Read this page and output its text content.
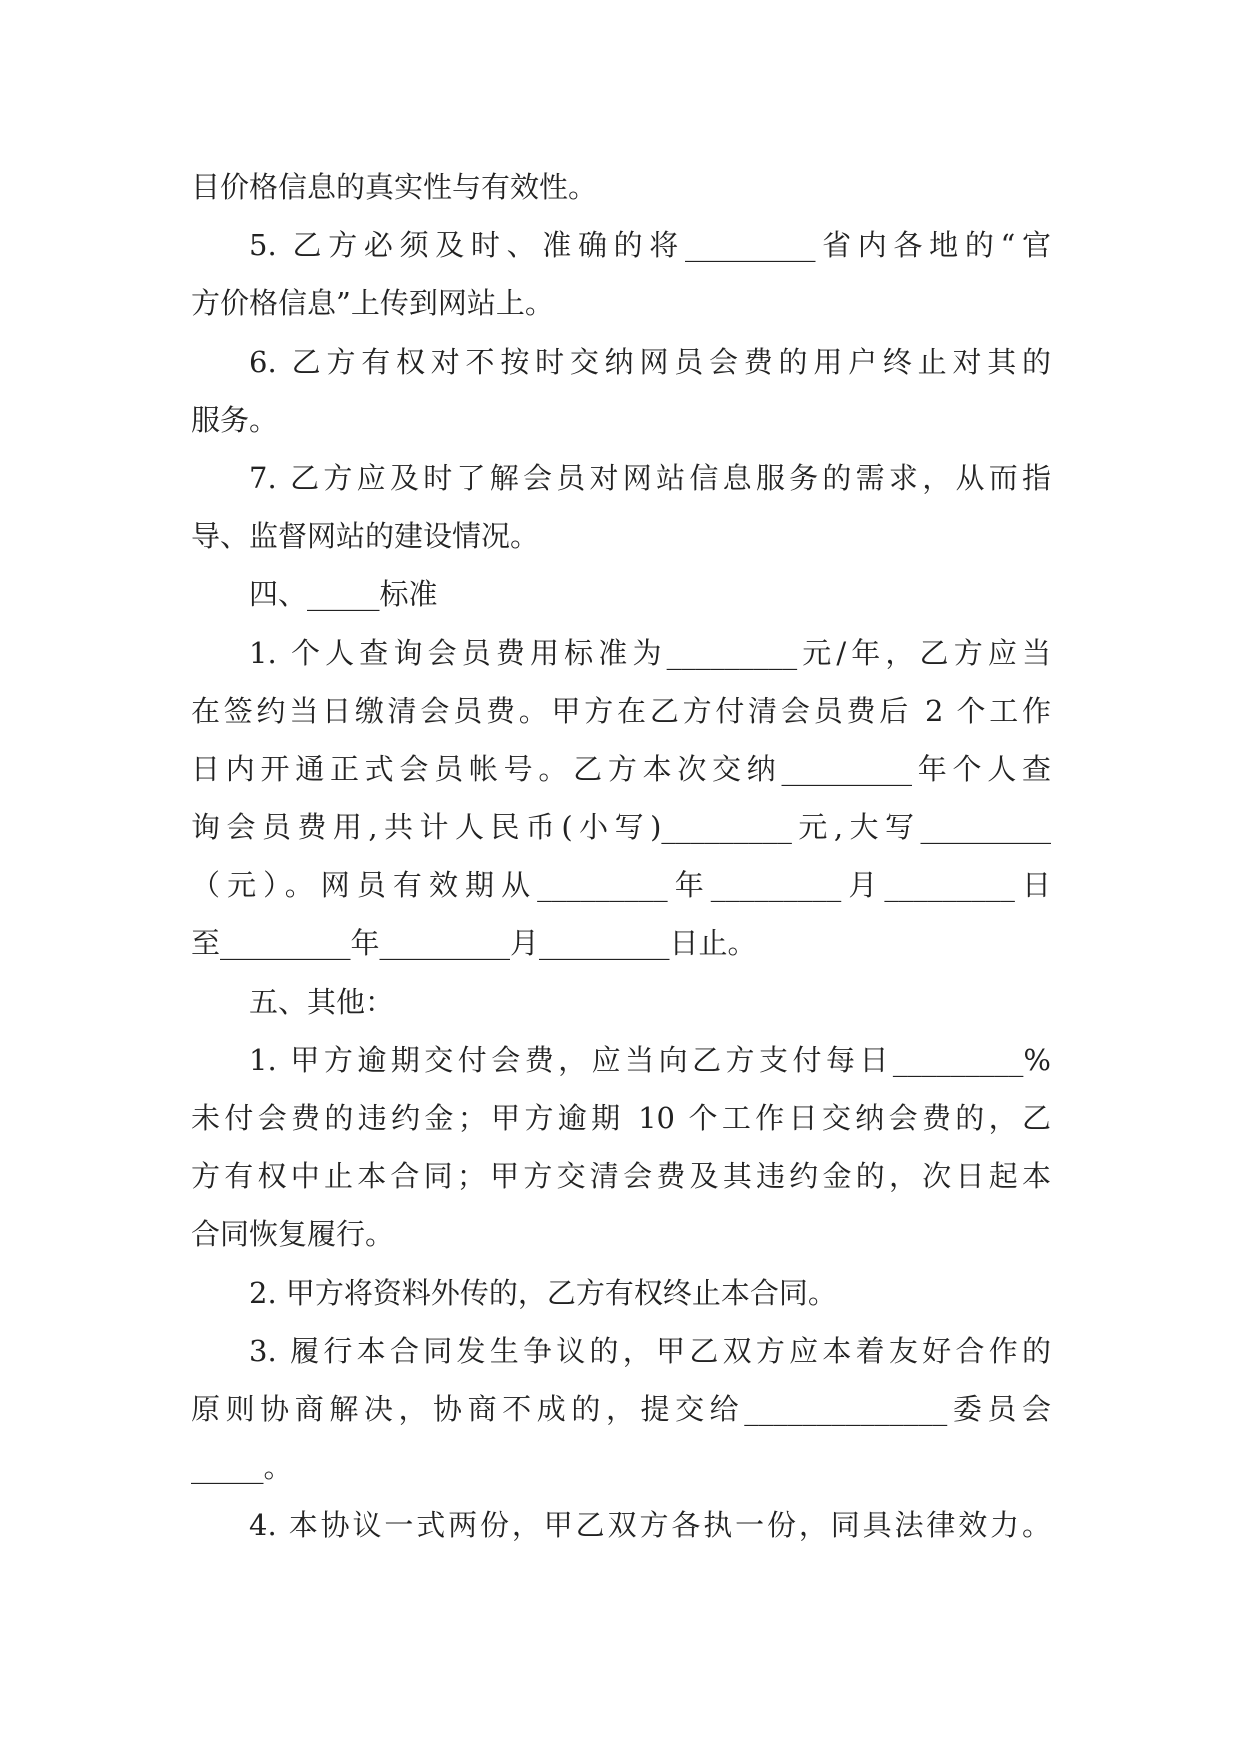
目价格信息的真实性与有效性。
5. 乙方必须及时、准确的将_________省内各地的“官
方价格信息”上传到网站上。
6. 乙方有权对不按时交纳网员会费的用户终止对其的
服务。
7. 乙方应及时了解会员对网站信息服务的需求，从而指
导、监督网站的建设情况。
四、_____标准
1. 个人查询会员费用标准为_________元/年，乙方应当
在签约当日缴清会员费。甲方在乙方付清会员费后 2 个工作
日内开通正式会员帐号。乙方本次交纳_________年个人查
询会员费用,共计人民币(小写)_________元,大写_________
（元）。网员有效期从_________年_________月_________日
至_________年_________月_________日止。
五、其他：
1. 甲方逾期交付会费，应当向乙方支付每日_________%
未付会费的违约金；甲方逾期 10 个工作日交纳会费的，乙
方有权中止本合同；甲方交清会费及其违约金的，次日起本
合同恢复履行。
2. 甲方将资料外传的，乙方有权终止本合同。
3. 履行本合同发生争议的，甲乙双方应本着友好合作的
原则协商解决，协商不成的，提交给______________委员会
_____。
4. 本协议一式两份，甲乙双方各执一份，同具法律效力。
